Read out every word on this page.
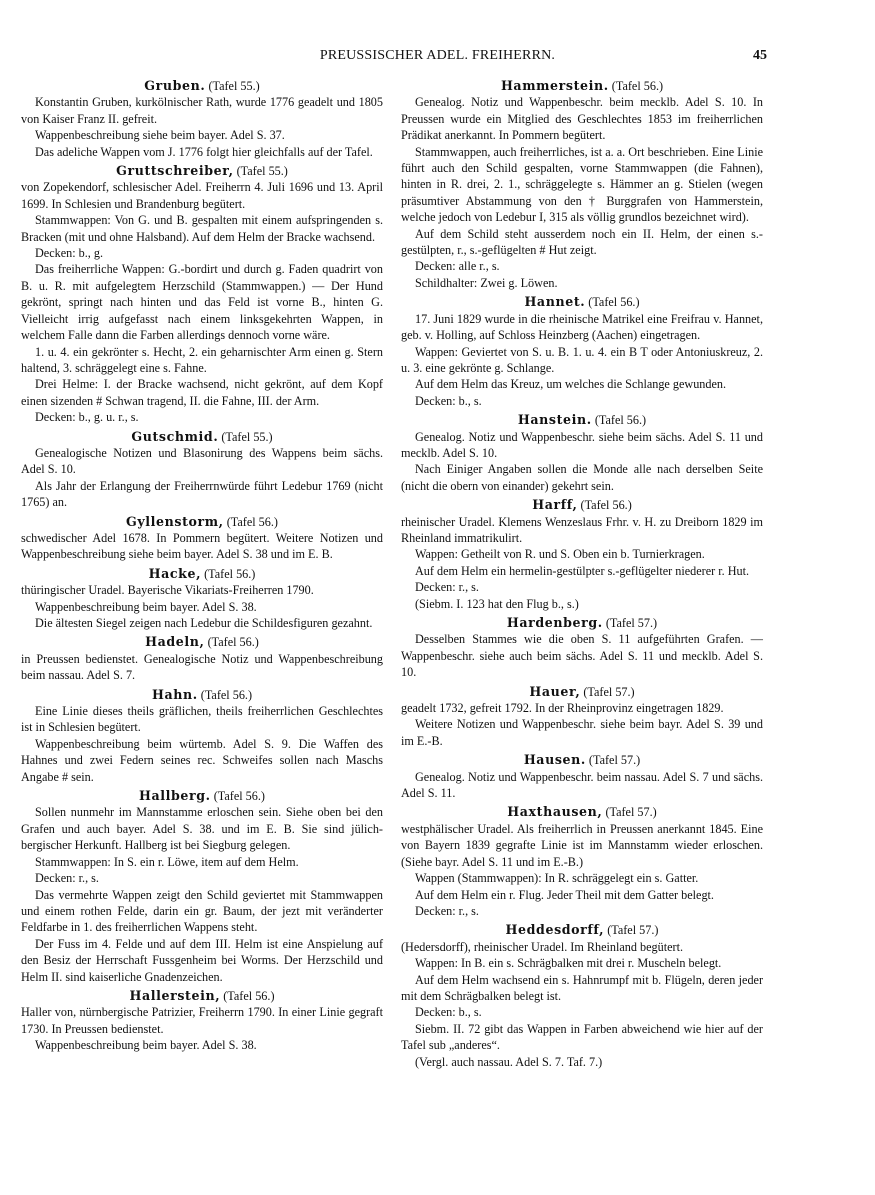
PREUSSISCHER ADEL. FREIHERRN.	45
Gruben. (Tafel 55.)

Konstantin Gruben, kurkölnischer Rath, wurde 1776 geadelt und 1805 von Kaiser Franz II. gefreit.

Wappenbeschreibung siehe beim bayer. Adel S. 37.

Das adeliche Wappen vom J. 1776 folgt hier gleichfalls auf der Tafel.

Gruttschreiber, (Tafel 55.)

von Zopekendorf, schlesischer Adel. Freiherrn 4. Juli 1696 und 13. April 1699. In Schlesien und Brandenburg begütert.

Stammwappen: Von G. und B. gespalten mit einem aufspringenden s. Bracken (mit und ohne Halsband). Auf dem Helm der Bracke wachsend.

Decken: b., g.

Das freiherrliche Wappen: G.-bordirt und durch g. Faden quadrirt von B. u. R. mit aufgelegtem Herzschild (Stammwappen.) — Der Hund gekrönt, springt nach hinten und das Feld ist vorne B., hinten G. Vielleicht irrig aufgefasst nach einem linksgekehrten Wappen, in welchem Falle dann die Farben allerdings dennoch vorne wäre.

1. u. 4. ein gekrönter s. Hecht, 2. ein geharnischter Arm einen g. Stern haltend, 3. schräggelegt eine s. Fahne.

Drei Helme: I. der Bracke wachsend, nicht gekrönt, auf dem Kopf einen sizenden # Schwan tragend, II. die Fahne, III. der Arm.

Decken: b., g. u. r., s.

Gutschmid. (Tafel 55.)

Genealogische Notizen und Blasonirung des Wappens beim sächs. Adel S. 10.

Als Jahr der Erlangung der Freiherrnwürde führt Ledebur 1769 (nicht 1765) an.

Gyllenstorm, (Tafel 56.)

schwedischer Adel 1678. In Pommern begütert. Weitere Notizen und Wappenbeschreibung siehe beim bayer. Adel S. 38 und im E. B.

Hacke, (Tafel 56.)

thüringischer Uradel. Bayerische Vikariats-Freiherren 1790.

Wappenbeschreibung beim bayer. Adel S. 38.

Die ältesten Siegel zeigen nach Ledebur die Schildesfiguren gezahnt.

Hadeln, (Tafel 56.)

in Preussen bedienstet. Genealogische Notiz und Wappenbeschreibung beim nassau. Adel S. 7.

Hahn. (Tafel 56.)

Eine Linie dieses theils gräflichen, theils freiherrlichen Geschlechtes ist in Schlesien begütert.

Wappenbeschreibung beim würtemb. Adel S. 9. Die Waffen des Hahnes und zwei Federn seines rec. Schweifes sollen nach Maschs Angabe # sein.

Hallberg. (Tafel 56.)

Sollen nunmehr im Mannstamme erloschen sein. Siehe oben bei den Grafen und auch bayer. Adel S. 38. und im E. B. Sie sind jülich-bergischer Herkunft. Hallberg ist bei Siegburg gelegen.

Stammwappen: In S. ein r. Löwe, item auf dem Helm.

Decken: r., s.

Das vermehrte Wappen zeigt den Schild geviertet mit Stammwappen und einem rothen Felde, darin ein gr. Baum, der jezt mit veränderter Feldfarbe in 1. des freiherrlichen Wappens steht.

Der Fuss im 4. Felde und auf dem III. Helm ist eine Anspielung auf den Besiz der Herrschaft Fussgenheim bei Worms. Der Herzschild und Helm II. sind kaiserliche Gnadenzeichen.

Hallerstein, (Tafel 56.)

Haller von, nürnbergische Patrizier, Freiherrn 1790. In einer Linie gegraft 1730. In Preussen bedienstet.

Wappenbeschreibung beim bayer. Adel S. 38.

Hammerstein. (Tafel 56.)

Genealog. Notiz und Wappenbeschr. beim mecklb. Adel S. 10. In Preussen wurde ein Mitglied des Geschlechtes 1853 im freiherrlichen Prädikat anerkannt. In Pommern begütert.

Stammwappen, auch freiherrliches, ist a. a. Ort beschrieben. Eine Linie führt auch den Schild gespalten, vorne Stammwappen (die Fahnen), hinten in R. drei, 2. 1., schräggelegte s. Hämmer an g. Stielen (wegen präsumtiver Abstammung von den † Burggrafen von Hammerstein, welche jedoch von Ledebur I, 315 als völlig grundlos bezeichnet wird).

Auf dem Schild steht ausserdem noch ein II. Helm, der einen s.-gestülpten, r., s.-geflügelten # Hut zeigt.

Decken: alle r., s.

Schildhalter: Zwei g. Löwen.

Hannet. (Tafel 56.)

17. Juni 1829 wurde in die rheinische Matrikel eine Freifrau v. Hannet, geb. v. Holling, auf Schloss Heinzberg (Aachen) eingetragen.

Wappen: Geviertet von S. u. B. 1. u. 4. ein B T oder Antoniuskreuz, 2. u. 3. eine gekrönte g. Schlange.

Auf dem Helm das Kreuz, um welches die Schlange gewunden.

Decken: b., s.

Hanstein. (Tafel 56.)

Genealog. Notiz und Wappenbeschr. siehe beim sächs. Adel S. 11 und mecklb. Adel S. 10.

Nach Einiger Angaben sollen die Monde alle nach derselben Seite (nicht die obern von einander) gekehrt sein.

Harff, (Tafel 56.)

rheinischer Uradel. Klemens Wenzeslaus Frhr. v. H. zu Dreiborn 1829 im Rheinland immatrikulirt.

Wappen: Getheilt von R. und S. Oben ein b. Turnierkragen.

Auf dem Helm ein hermelin-gestülpter s.-geflügelter niederer r. Hut.

Decken: r., s.

(Siebm. I. 123 hat den Flug b., s.)

Hardenberg. (Tafel 57.)

Desselben Stammes wie die oben S. 11 aufgeführten Grafen. — Wappenbeschr. siehe auch beim sächs. Adel S. 11 und mecklb. Adel S. 10.

Hauer, (Tafel 57.)

geadelt 1732, gefreit 1792. In der Rheinprovinz eingetragen 1829.

Weitere Notizen und Wappenbeschr. siehe beim bayr. Adel S. 39 und im E.-B.

Hausen. (Tafel 57.)

Genealog. Notiz und Wappenbeschr. beim nassau. Adel S. 7 und sächs. Adel S. 11.

Haxthausen, (Tafel 57.)

westphälischer Uradel. Als freiherrlich in Preussen anerkannt 1845. Eine von Bayern 1839 gegrafte Linie ist im Mannstamm wieder erloschen. (Siehe bayr. Adel S. 11 und im E.-B.)

Wappen (Stammwappen): In R. schräggelegt ein s. Gatter.

Auf dem Helm ein r. Flug. Jeder Theil mit dem Gatter belegt.

Decken: r., s.

Heddesdorff, (Tafel 57.)

(Hedersdorff), rheinischer Uradel. Im Rheinland begütert.

Wappen: In B. ein s. Schrägbalken mit drei r. Muscheln belegt.

Auf dem Helm wachsend ein s. Hahnrumpf mit b. Flügeln, deren jeder mit dem Schrägbalken belegt ist.

Decken: b., s.

Siebm. II. 72 gibt das Wappen in Farben abweichend wie hier auf der Tafel sub „anderes“.

(Vergl. auch nassau. Adel S. 7. Taf. 7.)
